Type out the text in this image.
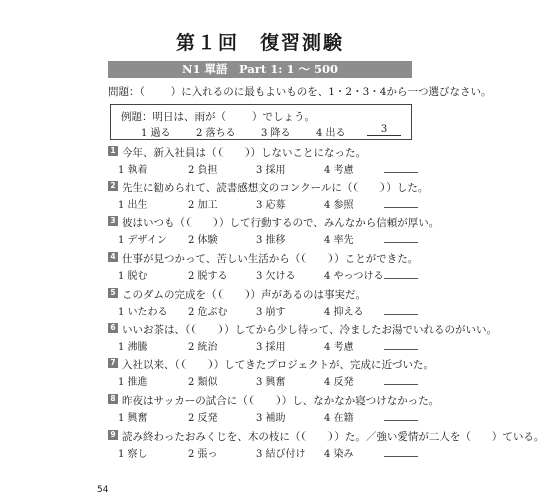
第１回　復習測験
N1 單語　Part 1: 1 〜 500
問題：（ ）に入れるのに最もよいものを、1・2・3・4から一つ選びなさい。
例題：明日は、雨が（ ）でしょう。
1 過る	2 落ちる	3 降る	4 出る	3
1 今年、新入社員は（	）しないことになった。
1 執着	2 負担	3 採用	4 考慮
2 先生に勧められて、読書感想文のコンクールに（	）した。
1 出生	2 加工	3 応募	4 参照
3 彼はいつも（	）して行動するので、みんなから信頼が厚い。
1 デザイン 2 体験	3 推移	4 率先
4 仕事が見つかって、苦しい生活から（	）ことができた。
1 脱む	2 脱する	3 欠ける	4 やっつける
5 このダムの完成を（	）声があるのは事実だ。
1 いたわる 2 危ぶむ	3 崩す	4 抑える
6 いいお茶は、（	）してから少し待って、冷ましたお湯でいれるのがいい。
1 沸騰	2 統治	3 採用	4 考慮
7 入社以来、（	）してきたプロジェクトが、完成に近づいた。
1 推進	2 類似	3 興奮	4 反発
8 昨夜はサッカーの試合に（	）し、なかなか寝つけなかった。
1 興奮	2 反発	3 補助	4 在籍
9 読み終わったおみくじを、木の枝に（	）た。／強い愛情が二人を（　　）ている。
1 察し	2 張っ	3 結び付け 4 染み
54
